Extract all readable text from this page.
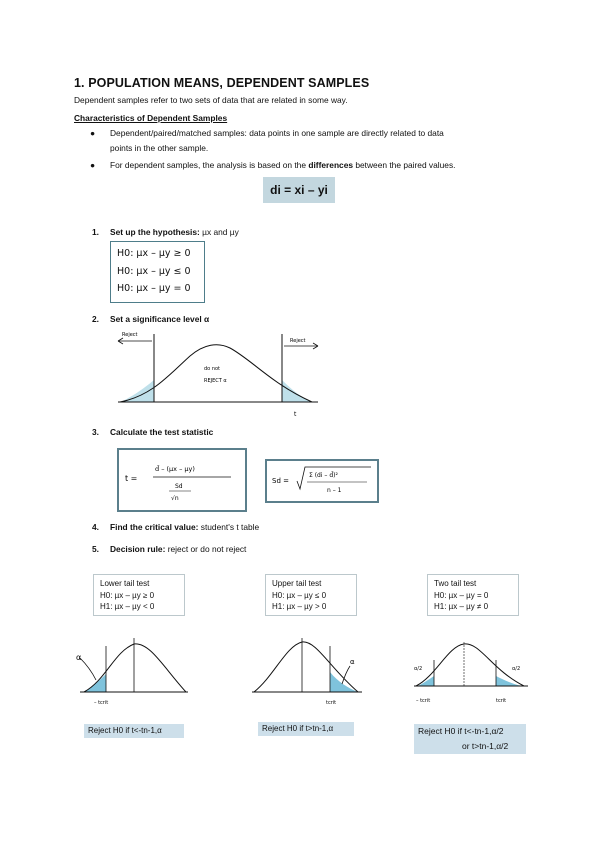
1. POPULATION MEANS, DEPENDENT SAMPLES
Dependent samples refer to two sets of data that are related in some way.
Characteristics of Dependent Samples
● Dependent/paired/matched samples: data points in one sample are directly related to data
points in the other sample.
● For dependent samples, the analysis is based on the differences between the paired values.
di = xi – yi
1. Set up the hypothesis: µx and µy
H0: µx – µy ≥ 0
H0: µx – µy ≤ 0
H0: µx – µy = 0
2. Set a significance level α
Reject
Reject
do not
REJECT α
t
3. Calculate the test statistic
t =
d̄ – (µx – µy)
Sd
√n
Sd =
Σ (di – d̄)²
n – 1
4. Find the critical value: student's t table
5. Decision rule: reject or do not reject
Lower tail test
H0: µx – µy ≥ 0
H1: µx – µy < 0
α
– tcrit
Reject H0 if t<-tn-1,α
Upper tail test
H0: µx – µy ≤ 0
H1: µx – µy > 0
α
tcrit
Reject H0 if t>tn-1,α
Two tail test
H0: µx – µy = 0
H1: µx – µy ≠ 0
α/2	α/2
– tcrit	tcrit
Reject H0 if t<-tn-1,α/2
or t>tn-1,α/2
